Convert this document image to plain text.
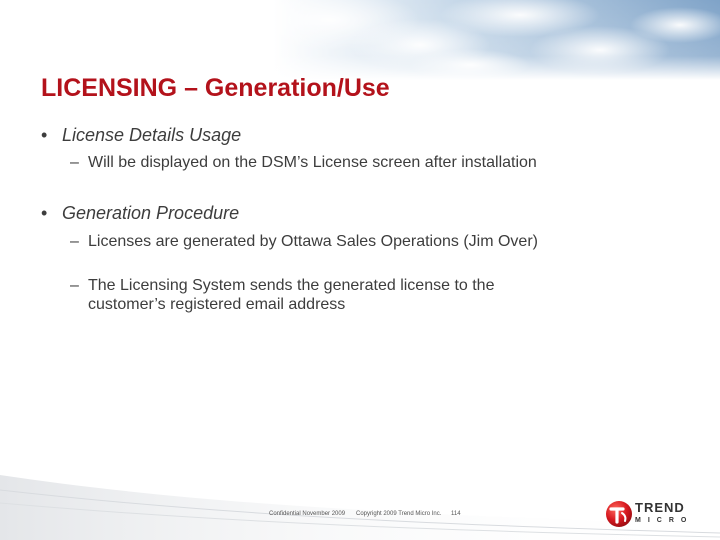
LICENSING – Generation/Use
• License Details Usage
– Will be displayed on the DSM’s License screen after installation
• Generation Procedure
– Licenses are generated by Ottawa Sales Operations (Jim Over)
– The Licensing System sends the generated license to the customer’s registered email address
Confidential November 2009 Copyright 2009 Trend Micro Inc. 114	TREND
MICRO
